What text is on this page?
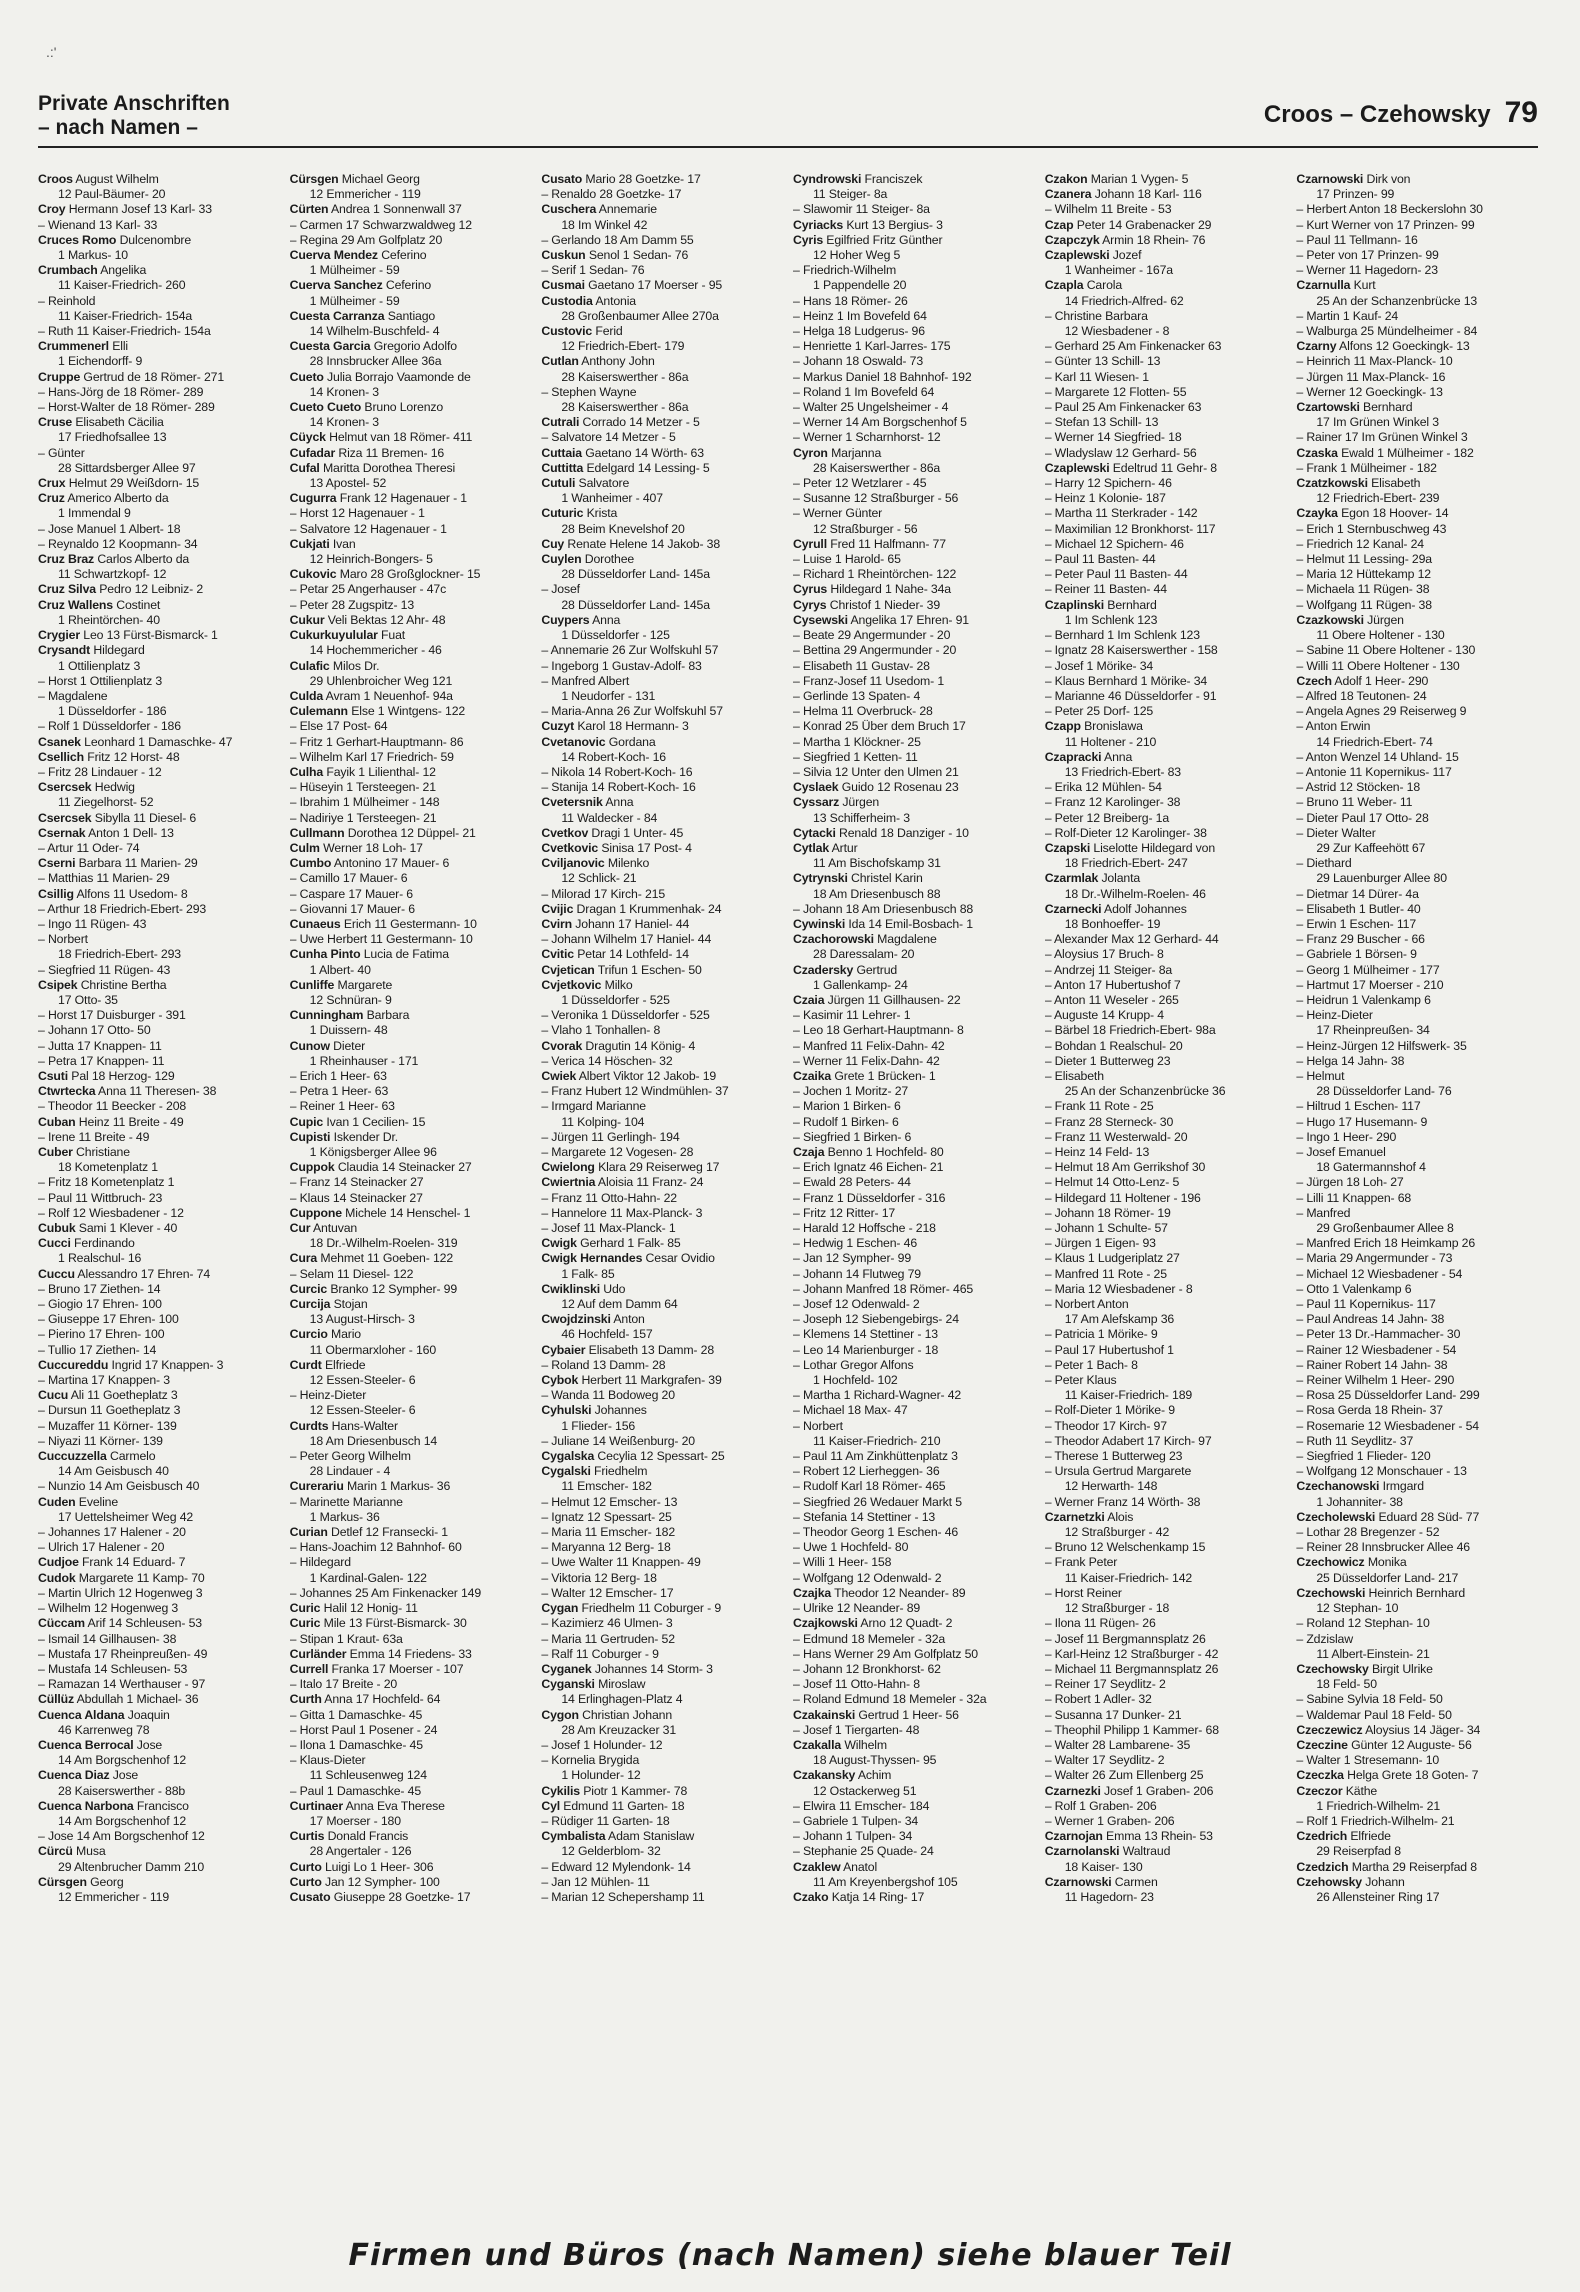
.:'
Private Anschriften
– nach Namen –	Croos – Czehowsky 79
Croos August Wilhelm
12 Paul-Bäumer- 20
Croy Hermann Josef 13 Karl- 33
– Wienand 13 Karl- 33
Cruces Romo Dulcenombre
1 Markus- 10
Crumbach Angelika
11 Kaiser-Friedrich- 260
– Reinhold
11 Kaiser-Friedrich- 154a
– Ruth 11 Kaiser-Friedrich- 154a
Crummenerl Elli
1 Eichendorff- 9
Cruppe Gertrud de 18 Römer- 271
– Hans-Jörg de 18 Römer- 289
– Horst-Walter de 18 Römer- 289
Cruse Elisabeth Cäcilia
17 Friedhofsallee 13
– Günter
28 Sittardsberger Allee 97
Crux Helmut 29 Weißdorn- 15
Cruz Americo Alberto da
1 Immendal 9
– Jose Manuel 1 Albert- 18
– Reynaldo 12 Koopmann- 34
Cruz Braz Carlos Alberto da
11 Schwartzkopf- 12
Cruz Silva Pedro 12 Leibniz- 2
Cruz Wallens Costinet
1 Rheintörchen- 40
Crygier Leo 13 Fürst-Bismarck- 1
Crysandt Hildegard
1 Ottilienplatz 3
– Horst 1 Ottilienplatz 3
– Magdalene
1 Düsseldorfer - 186
– Rolf 1 Düsseldorfer - 186
Csanek Leonhard 1 Damaschke- 47
Csellich Fritz 12 Horst- 48
– Fritz 28 Lindauer - 12
Csercsek Hedwig
11 Ziegelhorst- 52
Csercsek Sibylla 11 Diesel- 6
Csernak Anton 1 Dell- 13
– Artur 11 Oder- 74
Cserni Barbara 11 Marien- 29
– Matthias 11 Marien- 29
Csillig Alfons 11 Usedom- 8
– Arthur 18 Friedrich-Ebert- 293
– Ingo 11 Rügen- 43
– Norbert
18 Friedrich-Ebert- 293
– Siegfried 11 Rügen- 43
Csipek Christine Bertha
17 Otto- 35
– Horst 17 Duisburger - 391
– Johann 17 Otto- 50
– Jutta 17 Knappen- 11
– Petra 17 Knappen- 11
Csuti Pal 18 Herzog- 129
Ctwrtecka Anna 11 Theresen- 38
– Theodor 11 Beecker - 208
Cuban Heinz 11 Breite - 49
– Irene 11 Breite - 49
Cuber Christiane
18 Kometenplatz 1
– Fritz 18 Kometenplatz 1
– Paul 11 Wittbruch- 23
– Rolf 12 Wiesbadener - 12
Cubuk Sami 1 Klever - 40
Cucci Ferdinando
1 Realschul- 16
Cuccu Alessandro 17 Ehren- 74
– Bruno 17 Ziethen- 14
– Giogio 17 Ehren- 100
– Giuseppe 17 Ehren- 100
– Pierino 17 Ehren- 100
– Tullio 17 Ziethen- 14
Cuccureddu Ingrid 17 Knappen- 3
– Martina 17 Knappen- 3
Cucu Ali 11 Goetheplatz 3
– Dursun 11 Goetheplatz 3
– Muzaffer 11 Körner- 139
– Niyazi 11 Körner- 139
Cuccuzzella Carmelo
14 Am Geisbusch 40
– Nunzio 14 Am Geisbusch 40
Cuden Eveline
17 Uettelsheimer Weg 42
– Johannes 17 Halener - 20
– Ulrich 17 Halener - 20
Cudjoe Frank 14 Eduard- 7
Cudok Margarete 11 Kamp- 70
– Martin Ulrich 12 Hogenweg 3
– Wilhelm 12 Hogenweg 3
Cüccam Arif 14 Schleusen- 53
– Ismail 14 Gillhausen- 38
– Mustafa 17 Rheinpreußen- 49
– Mustafa 14 Schleusen- 53
– Ramazan 14 Werthauser - 97
Cüllüz Abdullah 1 Michael- 36
Cuenca Aldana Joaquin
46 Karrenweg 78
Cuenca Berrocal Jose
14 Am Borgschenhof 12
Cuenca Diaz Jose
28 Kaiserswerther - 88b
Cuenca Narbona Francisco
14 Am Borgschenhof 12
– Jose 14 Am Borgschenhof 12
Cürcü Musa
29 Altenbrucher Damm 210
Cürsgen Georg
12 Emmericher - 119
Cürsgen Michael Georg
12 Emmericher - 119
Cürten Andrea 1 Sonnenwall 37
– Carmen 17 Schwarzwaldweg 12
– Regina 29 Am Golfplatz 20
Cuerva Mendez Ceferino
1 Mülheimer - 59
Cuerva Sanchez Ceferino
1 Mülheimer - 59
Cuesta Carranza Santiago
14 Wilhelm-Buschfeld- 4
Cuesta Garcia Gregorio Adolfo
28 Innsbrucker Allee 36a
Cueto Julia Borrajo Vaamonde de
14 Kronen- 3
Cueto Cueto Bruno Lorenzo
14 Kronen- 3
Cüyck Helmut van 18 Römer- 411
Cufadar Riza 11 Bremen- 16
Cufal Maritta Dorothea Theresi
13 Apostel- 52
Cugurra Frank 12 Hagenauer - 1
– Horst 12 Hagenauer - 1
– Salvatore 12 Hagenauer - 1
Cukjati Ivan
12 Heinrich-Bongers- 5
Cukovic Maro 28 Großglockner- 15
– Petar 25 Angerhauser - 47c
– Peter 28 Zugspitz- 13
Cukur Veli Bektas 12 Ahr- 48
Cukurkuyulular Fuat
14 Hochemmericher - 46
Culafic Milos Dr.
29 Uhlenbroicher Weg 121
Culda Avram 1 Neuenhof- 94a
Culemann Else 1 Wintgens- 122
– Else 17 Post- 64
– Fritz 1 Gerhart-Hauptmann- 86
– Wilhelm Karl 17 Friedrich- 59
Culha Fayik 1 Lilienthal- 12
– Hüseyin 1 Tersteegen- 21
– Ibrahim 1 Mülheimer - 148
– Nadiriye 1 Tersteegen- 21
Cullmann Dorothea 12 Düppel- 21
Culm Werner 18 Loh- 17
Cumbo Antonino 17 Mauer- 6
– Camillo 17 Mauer- 6
– Caspare 17 Mauer- 6
– Giovanni 17 Mauer- 6
Cunaeus Erich 11 Gestermann- 10
– Uwe Herbert 11 Gestermann- 10
Cunha Pinto Lucia de Fatima
1 Albert- 40
Cunliffe Margarete
12 Schnüran- 9
Cunningham Barbara
1 Duissern- 48
Cunow Dieter
1 Rheinhauser - 171
– Erich 1 Heer- 63
– Petra 1 Heer- 63
– Reiner 1 Heer- 63
Cupic Ivan 1 Cecilien- 15
Cupisti Iskender Dr.
1 Königsberger Allee 96
Cuppok Claudia 14 Steinacker 27
– Franz 14 Steinacker 27
– Klaus 14 Steinacker 27
Cuppone Michele 14 Henschel- 1
Cur Antuvan
18 Dr.-Wilhelm-Roelen- 319
Cura Mehmet 11 Goeben- 122
– Selam 11 Diesel- 122
Curcic Branko 12 Sympher- 99
Curcija Stojan
13 August-Hirsch- 3
Curcio Mario
11 Obermarxloher - 160
Curdt Elfriede
12 Essen-Steeler- 6
– Heinz-Dieter
12 Essen-Steeler- 6
Curdts Hans-Walter
18 Am Driesenbusch 14
– Peter Georg Wilhelm
28 Lindauer - 4
Curerariu Marin 1 Markus- 36
– Marinette Marianne
1 Markus- 36
Curian Detlef 12 Fransecki- 1
– Hans-Joachim 12 Bahnhof- 60
– Hildegard
1 Kardinal-Galen- 122
– Johannes 25 Am Finkenacker 149
Curic Halil 12 Honig- 11
Curic Mile 13 Fürst-Bismarck- 30
– Stipan 1 Kraut- 63a
Curländer Emma 14 Friedens- 33
Currell Franka 17 Moerser - 107
– Italo 17 Breite - 20
Curth Anna 17 Hochfeld- 64
– Gitta 1 Damaschke- 45
– Horst Paul 1 Posener - 24
– Ilona 1 Damaschke- 45
– Klaus-Dieter
11 Schleusenweg 124
– Paul 1 Damaschke- 45
Curtinaer Anna Eva Therese
17 Moerser - 180
Curtis Donald Francis
28 Angertaler - 126
Curto Luigi Lo 1 Heer- 306
Curto Jan 12 Sympher- 100
Cusato Giuseppe 28 Goetzke- 17
Cusato Mario 28 Goetzke- 17
– Renaldo 28 Goetzke- 17
Cuschera Annemarie
18 Im Winkel 42
– Gerlando 18 Am Damm 55
Cuskun Senol 1 Sedan- 76
– Serif 1 Sedan- 76
Cusmai Gaetano 17 Moerser - 95
Custodia Antonia
28 Großenbaumer Allee 270a
Custovic Ferid
12 Friedrich-Ebert- 179
Cutlan Anthony John
28 Kaiserswerther - 86a
– Stephen Wayne
28 Kaiserswerther - 86a
Cutrali Corrado 14 Metzer - 5
– Salvatore 14 Metzer - 5
Cuttaia Gaetano 14 Wörth- 63
Cuttitta Edelgard 14 Lessing- 5
Cutuli Salvatore
1 Wanheimer - 407
Cuturic Krista
28 Beim Knevelshof 20
Cuy Renate Helene 14 Jakob- 38
Cuylen Dorothee
28 Düsseldorfer Land- 145a
– Josef
28 Düsseldorfer Land- 145a
Cuypers Anna
1 Düsseldorfer - 125
– Annemarie 26 Zur Wolfskuhl 57
– Ingeborg 1 Gustav-Adolf- 83
– Manfred Albert
1 Neudorfer - 131
– Maria-Anna 26 Zur Wolfskuhl 57
Cuzyt Karol 18 Hermann- 3
Cvetanovic Gordana
14 Robert-Koch- 16
– Nikola 14 Robert-Koch- 16
– Stanija 14 Robert-Koch- 16
Cvetersnik Anna
11 Waldecker - 84
Cvetkov Dragi 1 Unter- 45
Cvetkovic Sinisa 17 Post- 4
Cviljanovic Milenko
12 Schlick- 21
– Milorad 17 Kirch- 215
Cvijic Dragan 1 Krummenhak- 24
Cvirn Johann 17 Haniel- 44
– Johann Wilhelm 17 Haniel- 44
Cvitic Petar 14 Lothfeld- 14
Cvjetican Trifun 1 Eschen- 50
Cvjetkovic Milko
1 Düsseldorfer - 525
– Veronika 1 Düsseldorfer - 525
– Vlaho 1 Tonhallen- 8
Cvorak Dragutin 14 König- 4
– Verica 14 Höschen- 32
Cwiek Albert Viktor 12 Jakob- 19
– Franz Hubert 12 Windmühlen- 37
– Irmgard Marianne
11 Kolping- 104
– Jürgen 11 Gerlingh- 194
– Margarete 12 Vogesen- 28
Cwielong Klara 29 Reiserweg 17
Cwiertnia Aloisia 11 Franz- 24
– Franz 11 Otto-Hahn- 22
– Hannelore 11 Max-Planck- 3
– Josef 11 Max-Planck- 1
Cwigk Gerhard 1 Falk- 85
Cwigk Hernandes Cesar Ovidio
1 Falk- 85
Cwiklinski Udo
12 Auf dem Damm 64
Cwojdzinski Anton
46 Hochfeld- 157
Cybaier Elisabeth 13 Damm- 28
– Roland 13 Damm- 28
Cybok Herbert 11 Markgrafen- 39
– Wanda 11 Bodoweg 20
Cyhulski Johannes
1 Flieder- 156
– Juliane 14 Weißenburg- 20
Cygalska Cecylia 12 Spessart- 25
Cygalski Friedhelm
11 Emscher- 182
– Helmut 12 Emscher- 13
– Ignatz 12 Spessart- 25
– Maria 11 Emscher- 182
– Maryanna 12 Berg- 18
– Uwe Walter 11 Knappen- 49
– Viktoria 12 Berg- 18
– Walter 12 Emscher- 17
Cygan Friedhelm 11 Coburger - 9
– Kazimierz 46 Ulmen- 3
– Maria 11 Gertruden- 52
– Ralf 11 Coburger - 9
Cyganek Johannes 14 Storm- 3
Cyganski Miroslaw
14 Erlinghagen-Platz 4
Cygon Christian Johann
28 Am Kreuzacker 31
– Josef 1 Holunder- 12
– Kornelia Brygida
1 Holunder- 12
Cykilis Piotr 1 Kammer- 78
Cyl Edmund 11 Garten- 18
– Rüdiger 11 Garten- 18
Cymbalista Adam Stanislaw
12 Gelderblom- 32
– Edward 12 Mylendonk- 14
– Jan 12 Mühlen- 11
– Marian 12 Schepershamp 11
Cyndrowski Franciszek
11 Steiger- 8a
– Slawomir 11 Steiger- 8a
Cyriacks Kurt 13 Bergius- 3
Cyris Egilfried Fritz Günther
12 Hoher Weg 5
– Friedrich-Wilhelm
1 Pappendelle 20
– Hans 18 Römer- 26
– Heinz 1 Im Bovefeld 64
– Helga 18 Ludgerus- 96
– Henriette 1 Karl-Jarres- 175
– Johann 18 Oswald- 73
– Markus Daniel 18 Bahnhof- 192
– Roland 1 Im Bovefeld 64
– Walter 25 Ungelsheimer - 4
– Werner 14 Am Borgschenhof 5
– Werner 1 Scharnhorst- 12
Cyron Marjanna
28 Kaiserswerther - 86a
– Peter 12 Wetzlarer - 45
– Susanne 12 Straßburger - 56
– Werner Günter
12 Straßburger - 56
Cyrull Fred 11 Halfmann- 77
– Luise 1 Harold- 65
– Richard 1 Rheintörchen- 122
Cyrus Hildegard 1 Nahe- 34a
Cyrys Christof 1 Nieder- 39
Cysewski Angelika 17 Ehren- 91
– Beate 29 Angermunder - 20
– Bettina 29 Angermunder - 20
– Elisabeth 11 Gustav- 28
– Franz-Josef 11 Usedom- 1
– Gerlinde 13 Spaten- 4
– Helma 11 Overbruck- 28
– Konrad 25 Über dem Bruch 17
– Martha 1 Klöckner- 25
– Siegfried 1 Ketten- 11
– Silvia 12 Unter den Ulmen 21
Cyslaek Guido 12 Rosenau 23
Cyssarz Jürgen
13 Schifferheim- 3
Cytacki Renald 18 Danziger - 10
Cytlak Artur
11 Am Bischofskamp 31
Cytrynski Christel Karin
18 Am Driesenbusch 88
– Johann 18 Am Driesenbusch 88
Cywinski Ida 14 Emil-Bosbach- 1
Czachorowski Magdalene
28 Daressalam- 20
Czadersky Gertrud
1 Gallenkamp- 24
Czaia Jürgen 11 Gillhausen- 22
– Kasimir 11 Lehrer- 1
– Leo 18 Gerhart-Hauptmann- 8
– Manfred 11 Felix-Dahn- 42
– Werner 11 Felix-Dahn- 42
Czaika Grete 1 Brücken- 1
– Jochen 1 Moritz- 27
– Marion 1 Birken- 6
– Rudolf 1 Birken- 6
– Siegfried 1 Birken- 6
Czaja Benno 1 Hochfeld- 80
– Erich Ignatz 46 Eichen- 21
– Ewald 28 Peters- 44
– Franz 1 Düsseldorfer - 316
– Fritz 12 Ritter- 17
– Harald 12 Hoffsche - 218
– Hedwig 1 Eschen- 46
– Jan 12 Sympher- 99
– Johann 14 Flutweg 79
– Johann Manfred 18 Römer- 465
– Josef 12 Odenwald- 2
– Joseph 12 Siebengebirgs- 24
– Klemens 14 Stettiner - 13
– Leo 14 Marienburger - 18
– Lothar Gregor Alfons
1 Hochfeld- 102
– Martha 1 Richard-Wagner- 42
– Michael 18 Max- 47
– Norbert
11 Kaiser-Friedrich- 210
– Paul 11 Am Zinkhüttenplatz 3
– Robert 12 Lierheggen- 36
– Rudolf Karl 18 Römer- 465
– Siegfried 26 Wedauer Markt 5
– Stefania 14 Stettiner - 13
– Theodor Georg 1 Eschen- 46
– Uwe 1 Hochfeld- 80
– Willi 1 Heer- 158
– Wolfgang 12 Odenwald- 2
Czajka Theodor 12 Neander- 89
– Ulrike 12 Neander- 89
Czajkowski Arno 12 Quadt- 2
– Edmund 18 Memeler - 32a
– Hans Werner 29 Am Golfplatz 50
– Johann 12 Bronkhorst- 62
– Josef 11 Otto-Hahn- 8
– Roland Edmund 18 Memeler - 32a
Czakainski Gertrud 1 Heer- 56
– Josef 1 Tiergarten- 48
Czakalla Wilhelm
18 August-Thyssen- 95
Czakansky Achim
12 Ostackerweg 51
– Elwira 11 Emscher- 184
– Gabriele 1 Tulpen- 34
– Johann 1 Tulpen- 34
– Stephanie 25 Quade- 24
Czaklew Anatol
11 Am Kreyenbergshof 105
Czako Katja 14 Ring- 17
Czakon Marian 1 Vygen- 5
Czanera Johann 18 Karl- 116
– Wilhelm 11 Breite - 53
Czap Peter 14 Grabenacker 29
Czapczyk Armin 18 Rhein- 76
Czaplewski Jozef
1 Wanheimer - 167a
Czapla Carola
14 Friedrich-Alfred- 62
– Christine Barbara
12 Wiesbadener - 8
– Gerhard 25 Am Finkenacker 63
– Günter 13 Schill- 13
– Karl 11 Wiesen- 1
– Margarete 12 Flotten- 55
– Paul 25 Am Finkenacker 63
– Stefan 13 Schill- 13
– Werner 14 Siegfried- 18
– Wladyslaw 12 Gerhard- 56
Czaplewski Edeltrud 11 Gehr- 8
– Harry 12 Spichern- 46
– Heinz 1 Kolonie- 187
– Martha 11 Sterkrader - 142
– Maximilian 12 Bronkhorst- 117
– Michael 12 Spichern- 46
– Paul 11 Basten- 44
– Peter Paul 11 Basten- 44
– Reiner 11 Basten- 44
Czaplinski Bernhard
1 Im Schlenk 123
– Bernhard 1 Im Schlenk 123
– Ignatz 28 Kaiserswerther - 158
– Josef 1 Mörike- 34
– Klaus Bernhard 1 Mörike- 34
– Marianne 46 Düsseldorfer - 91
– Peter 25 Dorf- 125
Czapp Bronislawa
11 Holtener - 210
Czapracki Anna
13 Friedrich-Ebert- 83
– Erika 12 Mühlen- 54
– Franz 12 Karolinger- 38
– Peter 12 Breiberg- 1a
– Rolf-Dieter 12 Karolinger- 38
Czapski Liselotte Hildegard von
18 Friedrich-Ebert- 247
Czarmlak Jolanta
18 Dr.-Wilhelm-Roelen- 46
Czarnecki Adolf Johannes
18 Bonhoeffer- 19
– Alexander Max 12 Gerhard- 44
– Aloysius 17 Bruch- 8
– Andrzej 11 Steiger- 8a
– Anton 17 Hubertushof 7
– Anton 11 Weseler - 265
– Auguste 14 Krupp- 4
– Bärbel 18 Friedrich-Ebert- 98a
– Bohdan 1 Realschul- 20
– Dieter 1 Butterweg 23
– Elisabeth
25 An der Schanzenbrücke 36
– Frank 11 Rote - 25
– Franz 28 Sterneck- 30
– Franz 11 Westerwald- 20
– Heinz 14 Feld- 13
– Helmut 18 Am Gerrikshof 30
– Helmut 14 Otto-Lenz- 5
– Hildegard 11 Holtener - 196
– Johann 18 Römer- 19
– Johann 1 Schulte- 57
– Jürgen 1 Eigen- 93
– Klaus 1 Ludgeriplatz 27
– Manfred 11 Rote - 25
– Maria 12 Wiesbadener - 8
– Norbert Anton
17 Am Alefskamp 36
– Patricia 1 Mörike- 9
– Paul 17 Hubertushof 1
– Peter 1 Bach- 8
– Peter Klaus
11 Kaiser-Friedrich- 189
– Rolf-Dieter 1 Mörike- 9
– Theodor 17 Kirch- 97
– Theodor Adabert 17 Kirch- 97
– Therese 1 Butterweg 23
– Ursula Gertrud Margarete
12 Herwarth- 148
– Werner Franz 14 Wörth- 38
Czarnetzki Alois
12 Straßburger - 42
– Bruno 12 Welschenkamp 15
– Frank Peter
11 Kaiser-Friedrich- 142
– Horst Reiner
12 Straßburger - 18
– Ilona 11 Rügen- 26
– Josef 11 Bergmannsplatz 26
– Karl-Heinz 12 Straßburger - 42
– Michael 11 Bergmannsplatz 26
– Reiner 17 Seydlitz- 2
– Robert 1 Adler- 32
– Susanna 17 Dunker- 21
– Theophil Philipp 1 Kammer- 68
– Walter 28 Lambarene- 35
– Walter 17 Seydlitz- 2
– Walter 26 Zum Ellenberg 25
Czarnezki Josef 1 Graben- 206
– Rolf 1 Graben- 206
– Werner 1 Graben- 206
Czarnojan Emma 13 Rhein- 53
Czarnolanski Waltraud
18 Kaiser- 130
Czarnowski Carmen
11 Hagedorn- 23
Czarnowski Dirk von
17 Prinzen- 99
– Herbert Anton 18 Beckerslohn 30
– Kurt Werner von 17 Prinzen- 99
– Paul 11 Tellmann- 16
– Peter von 17 Prinzen- 99
– Werner 11 Hagedorn- 23
Czarnulla Kurt
25 An der Schanzenbrücke 13
– Martin 1 Kauf- 24
– Walburga 25 Mündelheimer - 84
Czarny Alfons 12 Goeckingk- 13
– Heinrich 11 Max-Planck- 10
– Jürgen 11 Max-Planck- 16
– Werner 12 Goeckingk- 13
Czartowski Bernhard
17 Im Grünen Winkel 3
– Rainer 17 Im Grünen Winkel 3
Czaska Ewald 1 Mülheimer - 182
– Frank 1 Mülheimer - 182
Czatzkowski Elisabeth
12 Friedrich-Ebert- 239
Czayka Egon 18 Hoover- 14
– Erich 1 Sternbuschweg 43
– Friedrich 12 Kanal- 24
– Helmut 11 Lessing- 29a
– Maria 12 Hüttekamp 12
– Michaela 11 Rügen- 38
– Wolfgang 11 Rügen- 38
Czazkowski Jürgen
11 Obere Holtener - 130
– Sabine 11 Obere Holtener - 130
– Willi 11 Obere Holtener - 130
Czech Adolf 1 Heer- 290
– Alfred 18 Teutonen- 24
– Angela Agnes 29 Reiserweg 9
– Anton Erwin
14 Friedrich-Ebert- 74
– Anton Wenzel 14 Uhland- 15
– Antonie 11 Kopernikus- 117
– Astrid 12 Stöcken- 18
– Bruno 11 Weber- 11
– Dieter Paul 17 Otto- 28
– Dieter Walter
29 Zur Kaffeehött 67
– Diethard
29 Lauenburger Allee 80
– Dietmar 14 Dürer- 4a
– Elisabeth 1 Butler- 40
– Erwin 1 Eschen- 117
– Franz 29 Buscher - 66
– Gabriele 1 Börsen- 9
– Georg 1 Mülheimer - 177
– Hartmut 17 Moerser - 210
– Heidrun 1 Valenkamp 6
– Heinz-Dieter
17 Rheinpreußen- 34
– Heinz-Jürgen 12 Hilfswerk- 35
– Helga 14 Jahn- 38
– Helmut
28 Düsseldorfer Land- 76
– Hiltrud 1 Eschen- 117
– Hugo 17 Husemann- 9
– Ingo 1 Heer- 290
– Josef Emanuel
18 Gatermannshof 4
– Jürgen 18 Loh- 27
– Lilli 11 Knappen- 68
– Manfred
29 Großenbaumer Allee 8
– Manfred Erich 18 Heimkamp 26
– Maria 29 Angermunder - 73
– Michael 12 Wiesbadener - 54
– Otto 1 Valenkamp 6
– Paul 11 Kopernikus- 117
– Paul Andreas 14 Jahn- 38
– Peter 13 Dr.-Hammacher- 30
– Rainer 12 Wiesbadener - 54
– Rainer Robert 14 Jahn- 38
– Reiner Wilhelm 1 Heer- 290
– Rosa 25 Düsseldorfer Land- 299
– Rosa Gerda 18 Rhein- 37
– Rosemarie 12 Wiesbadener - 54
– Ruth 11 Seydlitz- 37
– Siegfried 1 Flieder- 120
– Wolfgang 12 Monschauer - 13
Czechanowski Irmgard
1 Johanniter- 38
Czecholewski Eduard 28 Süd- 77
– Lothar 28 Bregenzer - 52
– Reiner 28 Innsbrucker Allee 46
Czechowicz Monika
25 Düsseldorfer Land- 217
Czechowski Heinrich Bernhard
12 Stephan- 10
– Roland 12 Stephan- 10
– Zdzislaw
11 Albert-Einstein- 21
Czechowsky Birgit Ulrike
18 Feld- 50
– Sabine Sylvia 18 Feld- 50
– Waldemar Paul 18 Feld- 50
Czeczewicz Aloysius 14 Jäger- 34
Czeczine Günter 12 Auguste- 56
– Walter 1 Stresemann- 10
Czeczka Helga Grete 18 Goten- 7
Czeczor Käthe
1 Friedrich-Wilhelm- 21
– Rolf 1 Friedrich-Wilhelm- 21
Czedrich Elfriede
29 Reiserpfad 8
Czedzich Martha 29 Reiserpfad 8
Czehowsky Johann
26 Allensteiner Ring 17
Firmen und Büros (nach Namen) siehe blauer Teil
